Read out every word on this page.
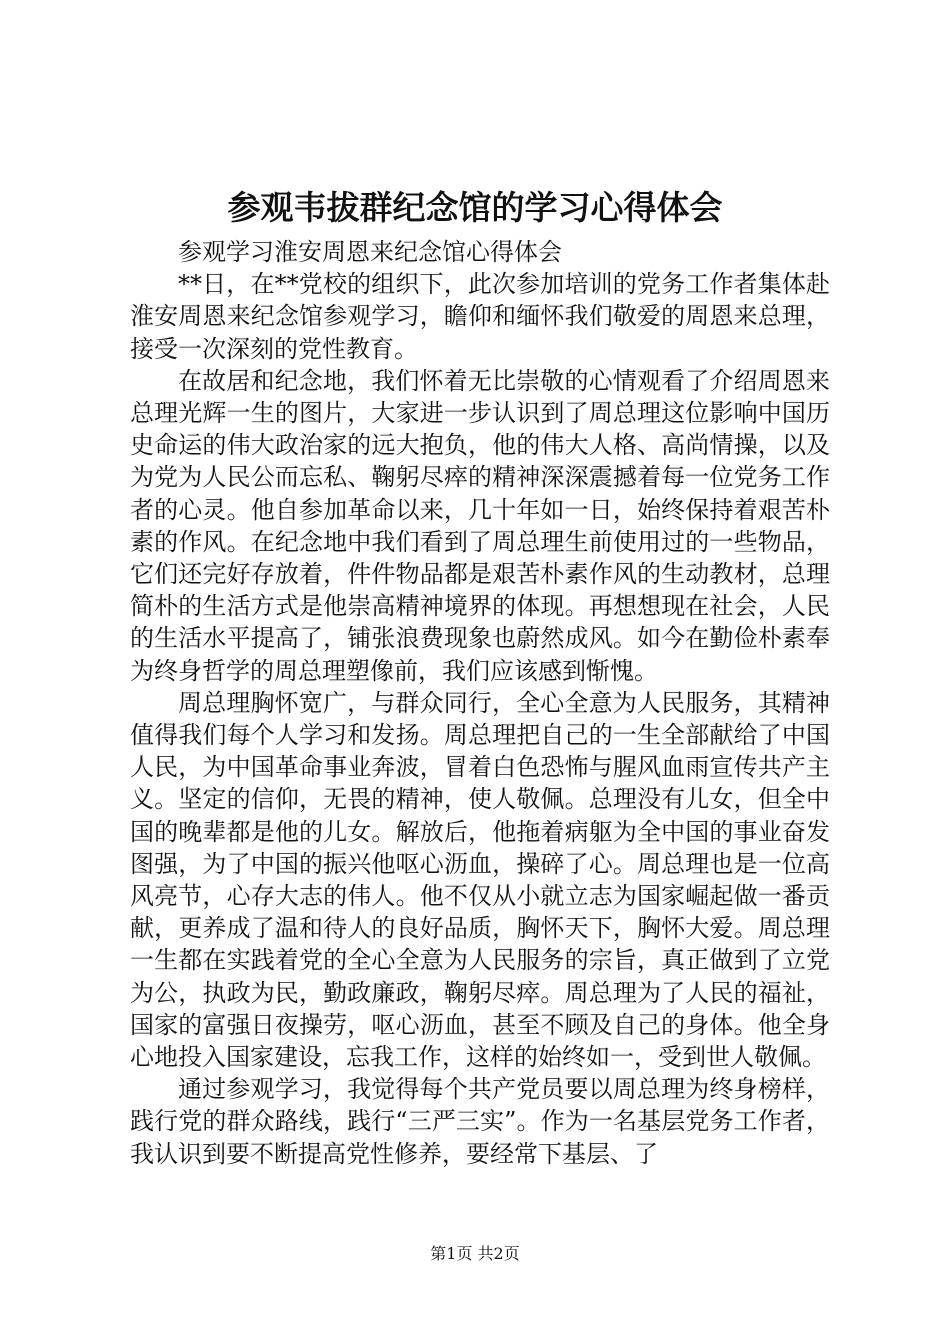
参观韦拔群纪念馆的学习心得体会

参观学习淮安周恩来纪念馆心得体会

**日，在**党校的组织下，此次参加培训的党务工作者集体赴淮安周恩来纪念馆参观学习，瞻仰和缅怀我们敬爱的周恩来总理，接受一次深刻的党性教育。

在故居和纪念地，我们怀着无比崇敬的心情观看了介绍周恩来总理光辉一生的图片，大家进一步认识到了周总理这位影响中国历史命运的伟大政治家的远大抱负，他的伟大人格、高尚情操，以及为党为人民公而忘私、鞠躬尽瘁的精神深深震撼着每一位党务工作者的心灵。他自参加革命以来，几十年如一日，始终保持着艰苦朴素的作风。在纪念地中我们看到了周总理生前使用过的一些物品，它们还完好存放着，件件物品都是艰苦朴素作风的生动教材，总理简朴的生活方式是他崇高精神境界的体现。再想想现在社会，人民的生活水平提高了，铺张浪费现象也蔚然成风。如今在勤俭朴素奉为终身哲学的周总理塑像前，我们应该感到惭愧。

周总理胸怀宽广，与群众同行，全心全意为人民服务，其精神值得我们每个人学习和发扬。周总理把自己的一生全部献给了中国人民，为中国革命事业奔波，冒着白色恐怖与腥风血雨宣传共产主义。坚定的信仰，无畏的精神，使人敬佩。总理没有儿女，但全中国的晚辈都是他的儿女。解放后，他拖着病躯为全中国的事业奋发图强，为了中国的振兴他呕心沥血，操碎了心。周总理也是一位高风亮节，心存大志的伟人。他不仅从小就立志为国家崛起做一番贡献，更养成了温和待人的良好品质，胸怀天下，胸怀大爱。周总理一生都在实践着党的全心全意为人民服务的宗旨，真正做到了立党为公，执政为民，勤政廉政，鞠躬尽瘁。周总理为了人民的福祉，国家的富强日夜操劳，呕心沥血，甚至不顾及自己的身体。他全身心地投入国家建设，忘我工作，这样的始终如一，受到世人敬佩。

通过参观学习，我觉得每个共产党员要以周总理为终身榜样，践行党的群众路线，践行“三严三实”。作为一名基层党务工作者，我认识到要不断提高党性修养，要经常下基层、了

第1页 共2页
